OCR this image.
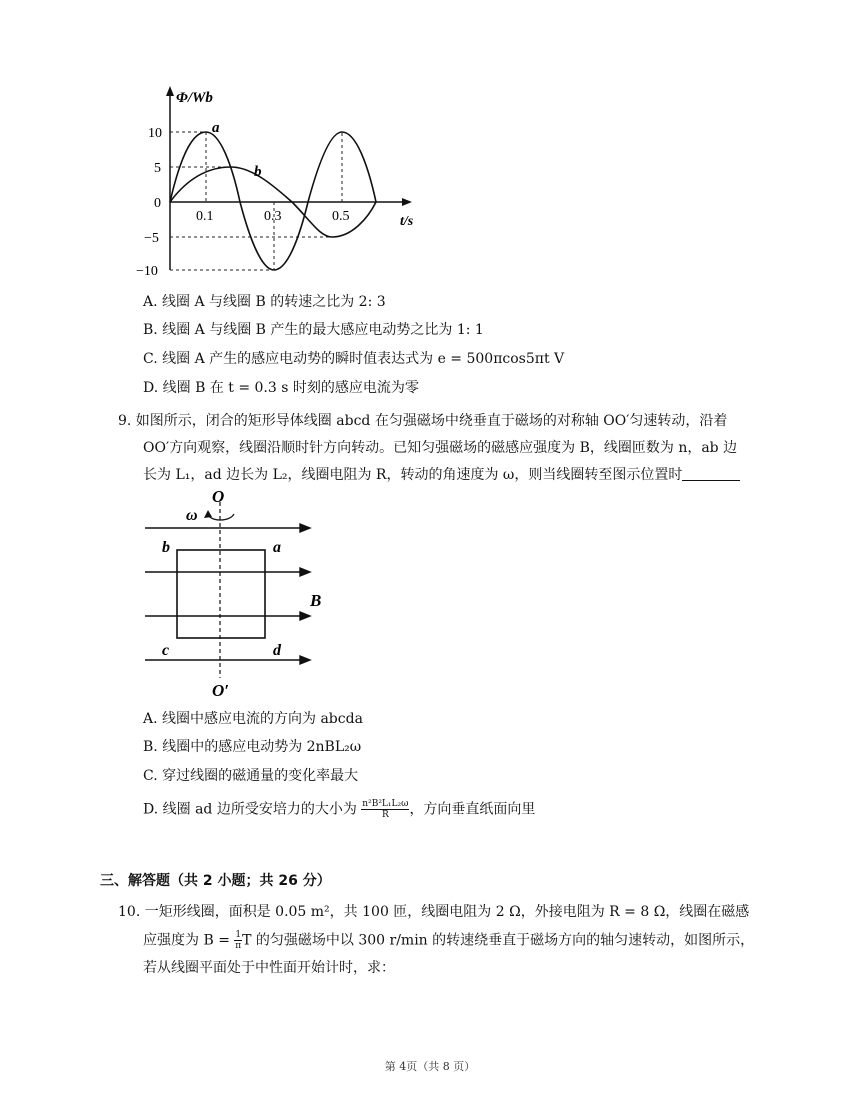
Φ/Wb
t/s
10
5
0
−5
−10
0.1	0.3	0.5
a
b
A. 线圈 A 与线圈 B 的转速之比为 2: 3
B. 线圈 A 与线圈 B 产生的最大感应电动势之比为 1: 1
C. 线圈 A 产生的感应电动势的瞬时值表达式为 e = 500πcos5πt V
D. 线圈 B 在 t = 0.3 s 时刻的感应电流为零
9. 如图所示，闭合的矩形导体线圈 abcd 在匀强磁场中绕垂直于磁场的对称轴 OO′匀速转动，沿着
OO′方向观察，线圈沿顺时针方向转动。已知匀强磁场的磁感应强度为 B，线圈匝数为 n，ab 边
长为 L₁，ad 边长为 L₂，线圈电阻为 R，转动的角速度为 ω，则当线圈转至图示位置时
O
O′
ω
B
b	a
c	d
A. 线圈中感应电流的方向为 abcda
B. 线圈中的感应电动势为 2nBL₂ω
C. 穿过线圈的磁通量的变化率最大
D. 线圈 ad 边所受安培力的大小为 $\frac{\text{n²B²L₁L₂ω}}{R}$ ，方向垂直纸面向里
三、解答题（共 2 小题；共 26 分）
10. 一矩形线圈，面积是 0.05 m²，共 100 匝，线圈电阻为 2 Ω，外接电阻为 R = 8 Ω，线圈在磁感
应强度为 $B = \frac{1}{\pi}$ T 的匀强磁场中以 300 r/min 的转速绕垂直于磁场方向的轴匀速转动，如图所示，
若从线圈平面处于中性面开始计时，求：
第 4页（共 8 页）
